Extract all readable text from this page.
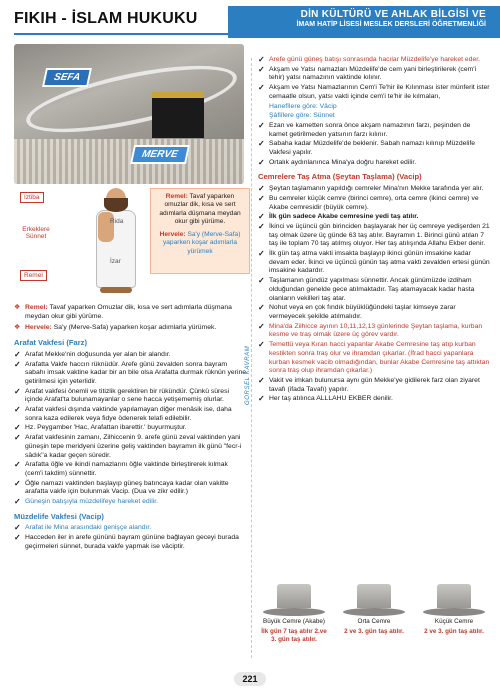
FIKIH - İSLAM HUKUKU	DİN KÜLTÜRÜ VE AHLAK BİLGİSİ VE
İMAM HATİP LİSESİ MESLEK DERSLERİ ÖĞRETMENLİĞİ
SEFA
MERVE
Iztiba
Erkeklere Sünnet
Remel
Rida
İzar

Remel: Tavaf yaparken omuzlar dik, kısa ve sert adımlarla düşmana meydan okur gibi yürüme.

Hervele: Sa'y (Merve-Safa) yaparken koşar adımlarla yürümek

❖ Remel: Tavaf yaparken Omuzlar dik, kısa ve sert adımlarla düşmana meydan okur gibi yürüme.
❖ Hervele: Sa'y (Merve-Safa) yaparken koşar adımlarla yürümek.
Arafat Vakfesi (Farz)
✓ Arafat Mekke'nin doğusunda yer alan bir alandır.
✓ Arafatta Vakfe haccın rüknüdür. Arefe günü zevalden sonra bayram sabahı imsak vaktine kadar bir an bile olsa Arafatta durmak rüknün yerine getirilmesi için yeterlidir.
✓ Arafat vakfesi önemli ve titizlik gerektiren bir rükündür. Çünkü süresi içinde Arafat'ta bulunamayanlar o sene hacca yetişememiş olurlar.
✓ Arafat vakfesi dışında vaktinde yapılamayan diğer menâsik ise, daha sonra kaza edilerek veya fidye ödenerek telafi edilebilir.
✓ Hz. Peygamber 'Hac, Arafattan ibarettir.' buyurmuştur.
✓ Arafat vakfesinin zamanı, Zilhiccenin 9. arefe günü zeval vaktinden yani güneşin tepe meridyeni üzerine geliş vaktinden bayramın ilk günü "fecr-i sâdık"a kadar geçen süredir.
✓ Arafatta öğle ve ikindi namazlarını öğle vaktinde birleştirerek kılmak (cem'i takdim) sünnettir.
✓ Öğle namazı vaktinden başlayıp güneş batıncaya kadar olan vakitte arafatta vakfe için bulunmak Vacip. (Dua ve zikr edilir.)
✓ Güneşin batışıyla müzdelifeye hareket edilir.
Müzdelife Vakfesi (Vacip)
✓ Arafat ile Mina arasındaki genişçe alandır.
✓ Hacceden iler in arefe gününü bayram gününe bağlayan geceyi burada geçirmeleri sünnet, burada vakfe yapmak ise vâciptir.
GÖRSEL KAVRAM
✓ Arefe günü güneş batışı sonrasında hacılar Müzdelife'ye hareket eder.
✓ Akşam ve Yatsı namazları Müzdelife'de cem yani birleştirilerek (cem'i tehir) yatsı namazının vaktinde kılınır.
✓ Akşam ve Yatsı Namazlarının Cem'i Te'hir ile Kılınması ister münferit ister cemaatle olsun, yatsı vakti içinde cem'i te'hir ile kılmaları,
Hanefîlere göre: Vâcip
Şâfiîlere göre: Sünnet
✓ Ezan ve kametten sonra önce akşam namazının farzı, peşinden de kamet getirilmeden yatsının farzı kılınır.
✓ Sabaha kadar Müzdelife'de beklenir. Sabah namazı kılınıp Müzdelife Vakfesi yapılır.
✓ Ortalık aydınlanınca Mina'ya doğru hareket edilir.
Cemrelere Taş Atma (Şeytan Taşlama) (Vacip)
✓ Şeytan taşlamanın yapıldığı cemreler Mina'nın Mekke tarafında yer alır.
✓ Bu cemreler küçük cemre (birinci cemre), orta cemre (ikinci cemre) ve Akabe cemresidir (büyük cemre).
✓ İlk gün sadece Akabe cemresine yedi taş atılır.
✓ İkinci ve üçüncü gün birinciden başlayarak her üç cemreye yedişerden 21 taş olmak üzere üç günde 63 taş atılır. Bayramın 1. Birinci günü atılan 7 taş ile toplam 70 taş atılmış oluyor. Her taş atılışında Allahu Ekber denir.
✓ İlk gün taş atma vakti imsakta başlayıp ikinci günün imsakine kadar devam eder. İkinci ve üçüncü günün taş atma vakti zevalden ertesi günün imsakine kadardır.
✓ Taşlamanın gündüz yapılması sünnettir. Ancak günümüzde izdiham olduğundan genelde gece atılmaktadır. Taş atamayacak kadar hasta olanların vekilleri taş atar.
✓ Nohut veya en çok fındık büyüklüğündeki taşlar kimseye zarar vermeyecek şekilde atılmalıdır.
✓ Mina'da Zilhicce ayının 10,11,12,13 günlerinde Şeytan taşlama, kurban kesme ve traş olmak üzere üç görev vardır.
✓ Temettü veya Kıran hacci yapanlar Akabe Cemresine taş atıp kurban kestikten sonra traş olur ve ihramdan çıkarlar. (İfrad hacci yapanlara kurban kesmek vacib olmadığından, bunlar Akabe Cemresine taş attıktan sonra traş olup ihramdan çıkarlar.)
✓ Vakit ve imkan bulunursa aynı gün Mekke'ye gidilerek farz olan ziyaret tavafı (ifada Tavafı) yapılır.
✓ Her taş atılınca ALLLAHU EKBER denilir.
Büyük Cemre (Akabe)
İlk gün 7 taş atılır 2.ve 3. gün taş atılır.
Orta Cemre
2 ve 3. gün taş atılır.
Küçük Cemre
2 ve 3. gün taş atılır.
221
